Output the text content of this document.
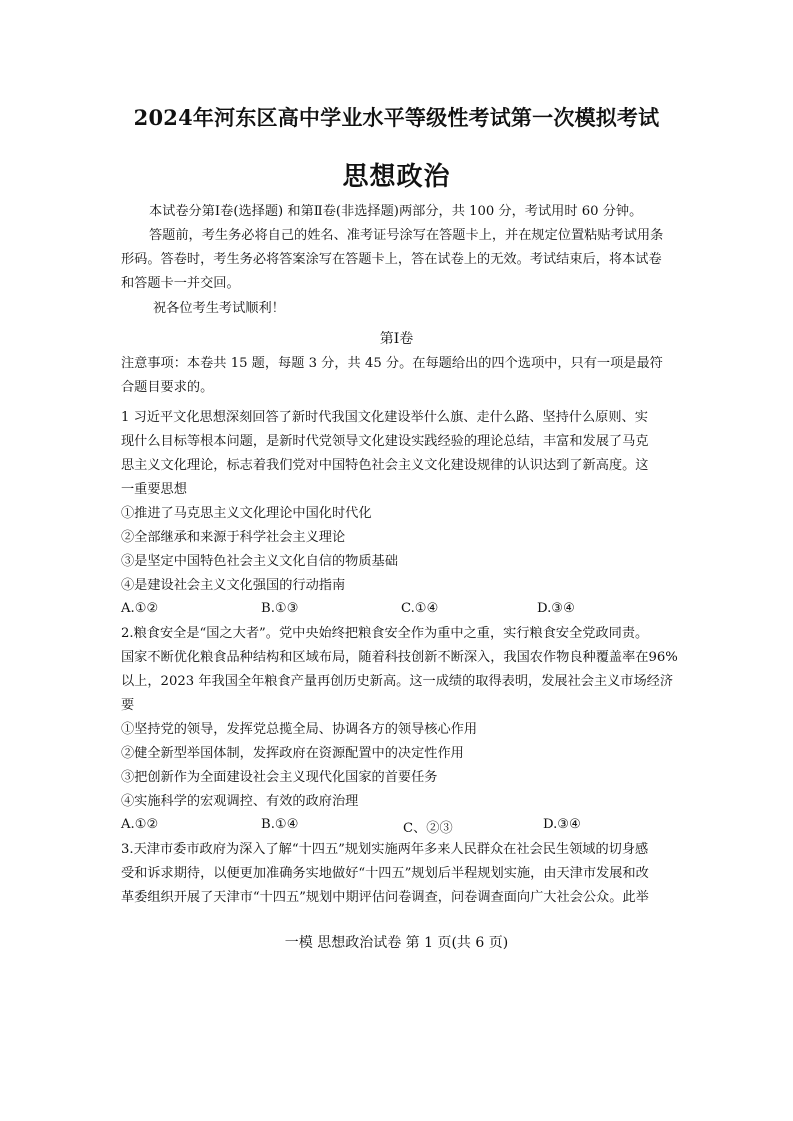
2024年河东区高中学业水平等级性考试第一次模拟考试
思想政治
本试卷分第Ⅰ卷(选择题) 和第Ⅱ卷(非选择题)两部分，共 100 分，考试用时 60 分钟。
答题前，考生务必将自己的姓名、准考证号涂写在答题卡上，并在规定位置粘贴考试用条
形码。答卷时，考生务必将答案涂写在答题卡上，答在试卷上的无效。考试结束后，将本试卷
和答题卡一并交回。
祝各位考生考试顺利！
第Ⅰ卷
注意事项：本卷共 15 题，每题 3 分，共 45 分。在每题给出的四个选项中，只有一项是最符
合题目要求的。
1 习近平文化思想深刻回答了新时代我国文化建设举什么旗、走什么路、坚持什么原则、实
现什么目标等根本问题，是新时代党领导文化建设实践经验的理论总结，丰富和发展了马克
思主义文化理论，标志着我们党对中国特色社会主义文化建设规律的认识达到了新高度。这
一重要思想
①推进了马克思主义文化理论中国化时代化
②全部继承和来源于科学社会主义理论
③是坚定中国特色社会主义文化自信的物质基础
④是建设社会主义文化强国的行动指南
A.①②	B.①③	C.①④	D.③④
2.粮食安全是“国之大者”。党中央始终把粮食安全作为重中之重，实行粮食安全党政同责。
国家不断优化粮食品种结构和区域布局，随着科技创新不断深入，我国农作物良种覆盖率在96%
以上，2023 年我国全年粮食产量再创历史新高。这一成绩的取得表明，发展社会主义市场经济
要
①坚持党的领导，发挥党总揽全局、协调各方的领导核心作用
②健全新型举国体制，发挥政府在资源配置中的决定性作用
③把创新作为全面建设社会主义现代化国家的首要任务
④实施科学的宏观调控、有效的政府治理
A.①②	B.①④	C、②③	D.③④
3.天津市委市政府为深入了解“十四五”规划实施两年多来人民群众在社会民生领域的切身感
受和诉求期待，以便更加准确务实地做好“十四五”规划后半程规划实施，由天津市发展和改
革委组织开展了天津市“十四五”规划中期评估问卷调查，问卷调查面向广大社会公众。此举
一模 思想政治试卷 第 1 页(共 6 页)
